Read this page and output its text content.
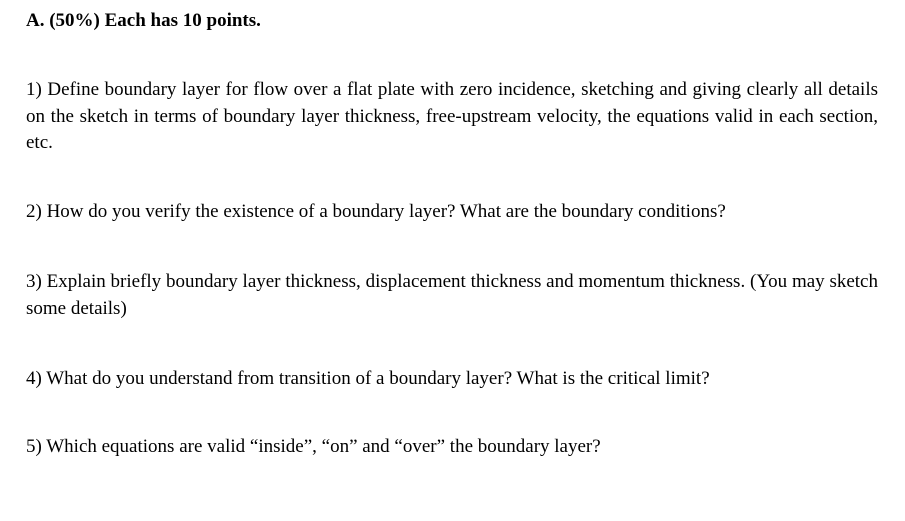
A. (50%) Each has 10 points.

1) Define boundary layer for flow over a flat plate with zero incidence, sketching and giving clearly all details on the sketch in terms of boundary layer thickness, free-upstream velocity, the equations valid in each section, etc.

2) How do you verify the existence of a boundary layer? What are the boundary conditions?

3) Explain briefly boundary layer thickness, displacement thickness and momentum thickness. (You may sketch some details)

4) What do you understand from transition of a boundary layer? What is the critical limit?

5) Which equations are valid “inside”, “on” and “over” the boundary layer?
